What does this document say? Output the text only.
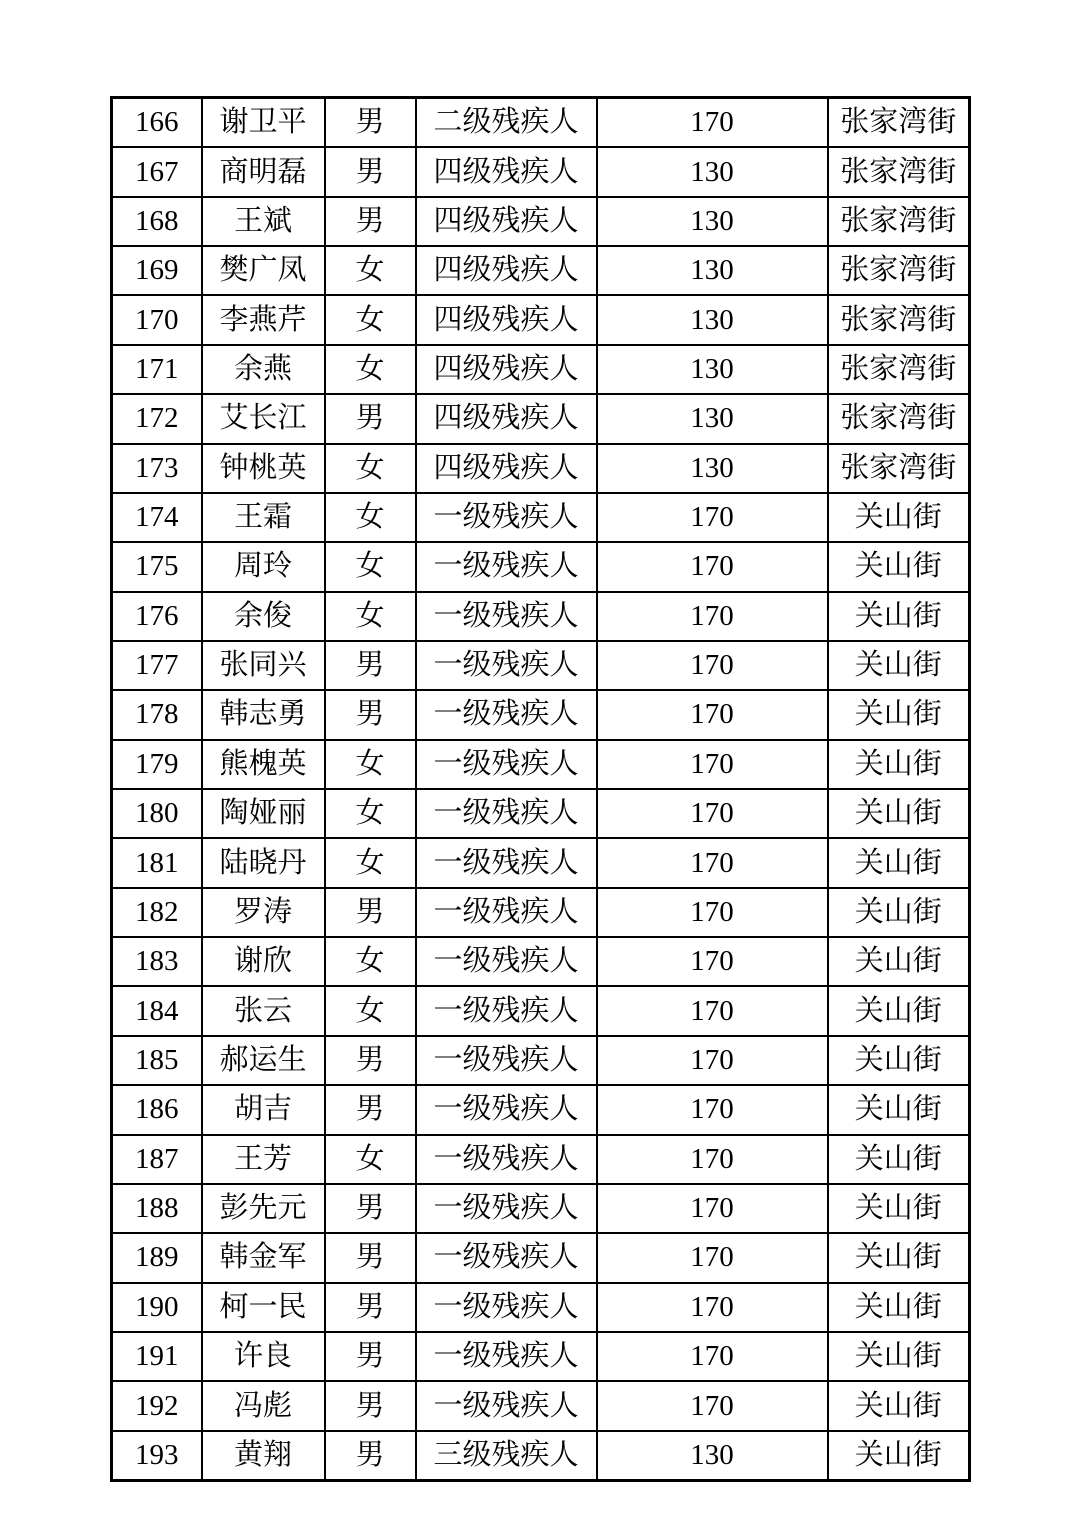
166	谢卫平	男	二级残疾人	170	张家湾街
167	商明磊	男	四级残疾人	130	张家湾街
168	王斌	男	四级残疾人	130	张家湾街
169	樊广凤	女	四级残疾人	130	张家湾街
170	李燕芹	女	四级残疾人	130	张家湾街
171	余燕	女	四级残疾人	130	张家湾街
172	艾长江	男	四级残疾人	130	张家湾街
173	钟桃英	女	四级残疾人	130	张家湾街
174	王霜	女	一级残疾人	170	关山街
175	周玲	女	一级残疾人	170	关山街
176	余俊	女	一级残疾人	170	关山街
177	张同兴	男	一级残疾人	170	关山街
178	韩志勇	男	一级残疾人	170	关山街
179	熊槐英	女	一级残疾人	170	关山街
180	陶娅丽	女	一级残疾人	170	关山街
181	陆晓丹	女	一级残疾人	170	关山街
182	罗涛	男	一级残疾人	170	关山街
183	谢欣	女	一级残疾人	170	关山街
184	张云	女	一级残疾人	170	关山街
185	郝运生	男	一级残疾人	170	关山街
186	胡吉	男	一级残疾人	170	关山街
187	王芳	女	一级残疾人	170	关山街
188	彭先元	男	一级残疾人	170	关山街
189	韩金军	男	一级残疾人	170	关山街
190	柯一民	男	一级残疾人	170	关山街
191	许良	男	一级残疾人	170	关山街
192	冯彪	男	一级残疾人	170	关山街
193	黄翔	男	三级残疾人	130	关山街
